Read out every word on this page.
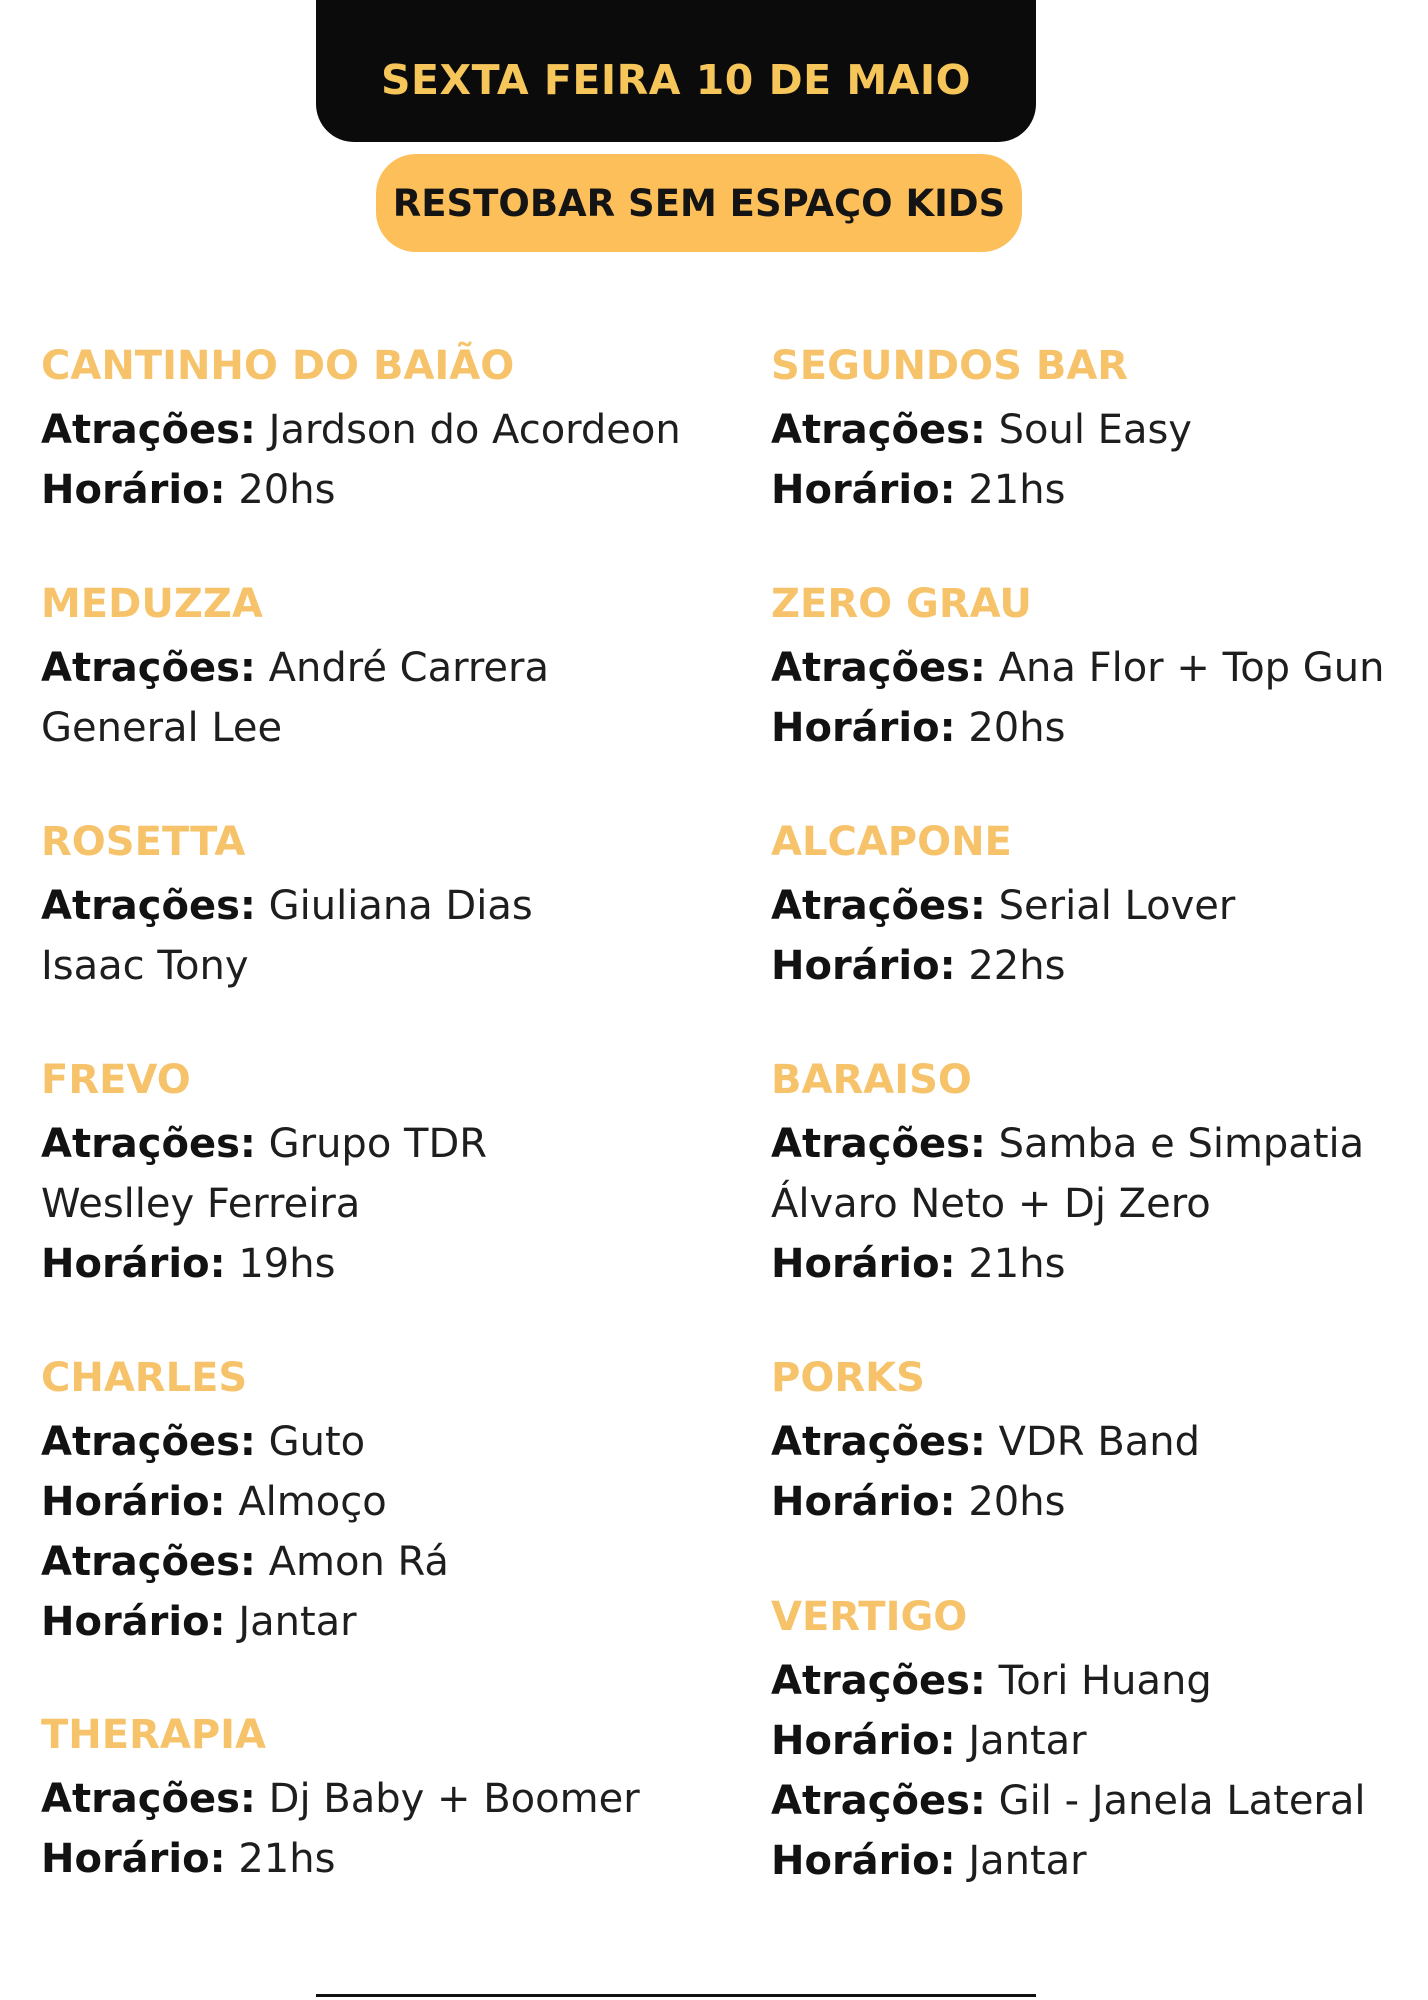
SEXTA FEIRA 10 DE MAIO
RESTOBAR SEM ESPAÇO KIDS
CANTINHO DO BAIÃO
Atrações: Jardson do Acordeon
Horário: 20hs
MEDUZZA
Atrações: André Carrera
General Lee
ROSETTA
Atrações: Giuliana Dias
Isaac Tony
FREVO
Atrações: Grupo TDR
Weslley Ferreira
Horário: 19hs
CHARLES
Atrações: Guto
Horário: Almoço
Atrações: Amon Rá
Horário: Jantar
THERAPIA
Atrações: Dj Baby + Boomer
Horário: 21hs
SEGUNDOS BAR
Atrações: Soul Easy
Horário: 21hs
ZERO GRAU
Atrações: Ana Flor + Top Gun
Horário: 20hs
ALCAPONE
Atrações: Serial Lover
Horário: 22hs
BARAISO
Atrações: Samba e Simpatia
Álvaro Neto + Dj Zero
Horário: 21hs
PORKS
Atrações: VDR Band
Horário: 20hs
VERTIGO
Atrações: Tori Huang
Horário: Jantar
Atrações: Gil - Janela Lateral
Horário: Jantar
